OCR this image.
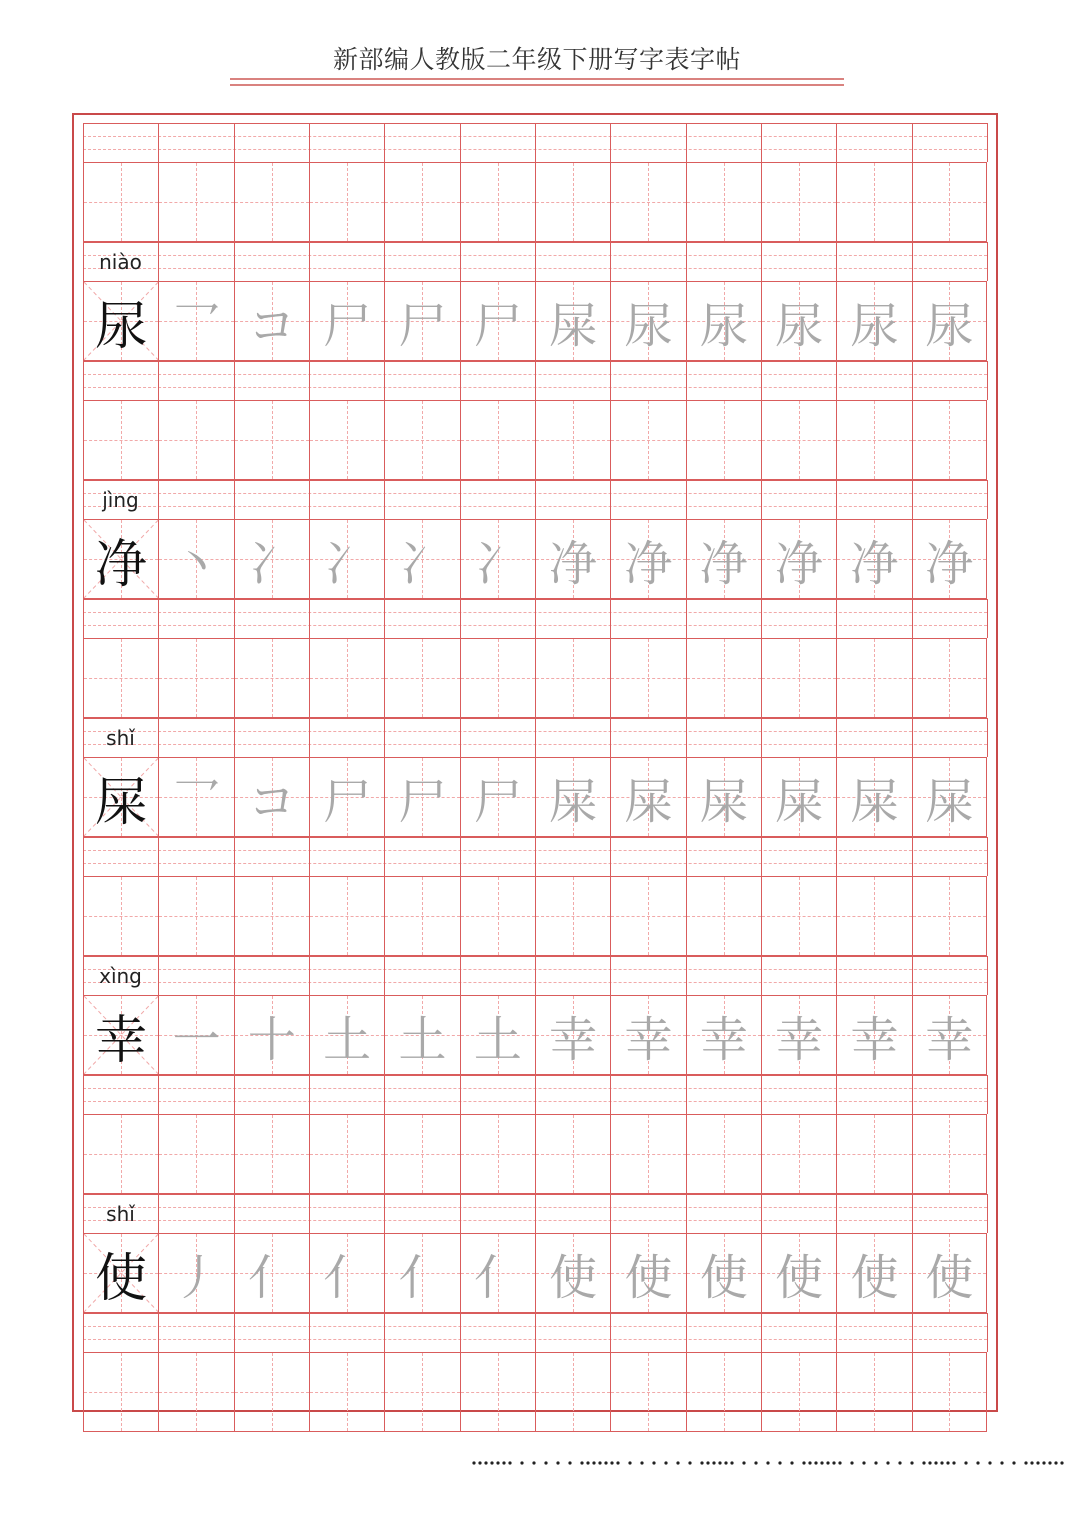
新部编人教版二年级下册写字表字帖
niào
尿 乛 コ 尸 尸 尸 屎 尿 尿 尿 尿 尿
jìng
净 丶 冫 冫 冫 冫 净 净 净 净 净 净
shǐ
屎 乛 コ 尸 尸 尸 屎 屎 屎 屎 屎 屎
xìng
幸 一 十 土 土 土 幸 幸 幸 幸 幸 幸
shǐ
使 丿 亻 亻 亻 亻 使 使 使 使 使 使
